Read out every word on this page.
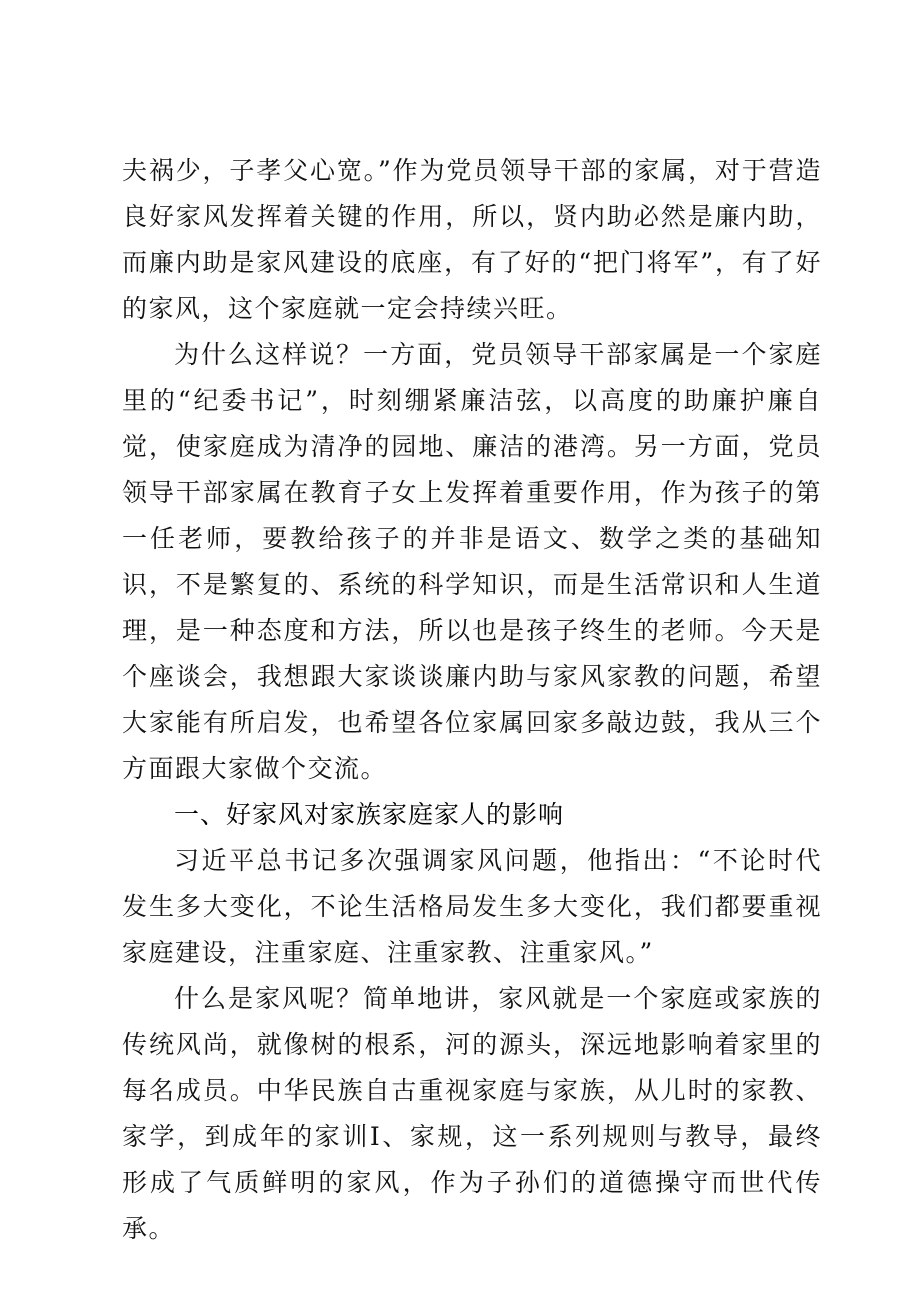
夫祸少，子孝父心宽。”作为党员领导干部的家属，对于营造良好家风发挥着关键的作用，所以，贤内助必然是廉内助，而廉内助是家风建设的底座，有了好的“把门将军”，有了好的家风，这个家庭就一定会持续兴旺。

为什么这样说？一方面，党员领导干部家属是一个家庭里的“纪委书记”，时刻绷紧廉洁弦，以高度的助廉护廉自觉，使家庭成为清净的园地、廉洁的港湾。另一方面，党员领导干部家属在教育子女上发挥着重要作用，作为孩子的第一任老师，要教给孩子的并非是语文、数学之类的基础知识，不是繁复的、系统的科学知识，而是生活常识和人生道理，是一种态度和方法，所以也是孩子终生的老师。今天是个座谈会，我想跟大家谈谈廉内助与家风家教的问题，希望大家能有所启发，也希望各位家属回家多敲边鼓，我从三个方面跟大家做个交流。

一、好家风对家族家庭家人的影响

习近平总书记多次强调家风问题，他指出：“不论时代发生多大变化，不论生活格局发生多大变化，我们都要重视家庭建设，注重家庭、注重家教、注重家风。”

什么是家风呢？简单地讲，家风就是一个家庭或家族的传统风尚，就像树的根系，河的源头，深远地影响着家里的每名成员。中华民族自古重视家庭与家族，从儿时的家教、家学，到成年的家训I、家规，这一系列规则与教导，最终形成了气质鲜明的家风，作为子孙们的道德操守而世代传承。
